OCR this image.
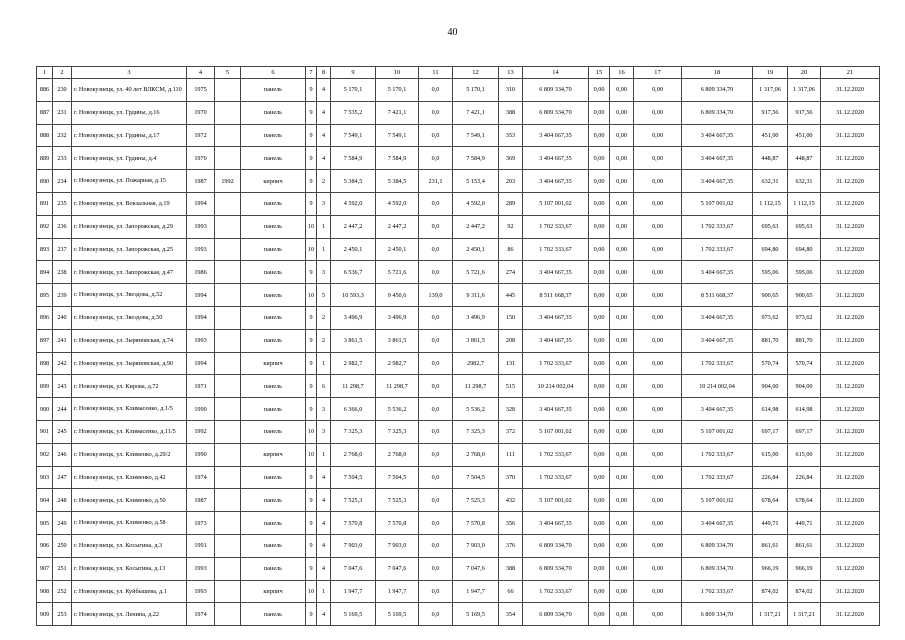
40
1	2	3	4	5	6	7	8	9	10	11	12	13	14	15	16	17	18	19	20	21
886	230	г. Новокузнецк, ул. 40 лет ВЛКСМ, д.110	1975		панель	9	4	5 170,1	5 170,1	0,0	5 170,1	310	6 809 334,70	0,00	0,00	0,00	6 809 334,70	1 317,06	1 317,06	31.12.2020
887	231	г. Новокузнецк, ул. Грдины, д.16	1970		панель	9	4	7 535,2	7 421,1	0,0	7 421,1	388	6 809 334,70	0,00	0,00	0,00	6 809 334,70	917,56	917,56	31.12.2020
888	232	г. Новокузнецк, ул. Грдины, д.17	1972		панель	9	4	7 549,1	7 549,1	0,0	7 549,1	353	3 404 667,35	0,00	0,00	0,00	3 404 667,35	451,00	451,00	31.12.2020
889	233	г. Новокузнецк, ул. Грдины, д.4	1970		панель	9	4	7 584,9	7 584,9	0,0	7 584,9	369	3 404 667,35	0,00	0,00	0,00	3 404 667,35	448,87	448,87	31.12.2020
890	234	г. Новокузнецк, ул. Пожарная, д.15	1987	1992	кирпич	9	2	5 384,5	5 384,5	231,1	5 153,4	203	3 404 667,35	0,00	0,00	0,00	3 404 667,35	632,31	632,31	31.12.2020
891	235	г. Новокузнецк, ул. Вокзальная, д.19	1994		панель	9	3	4 592,0	4 592,0	0,0	4 592,0	289	5 107 001,02	0,00	0,00	0,00	5 107 001,02	1 112,15	1 112,15	31.12.2020
892	236	г. Новокузнецк, ул. Запорожская, д.29	1993		панель	10	1	2 447,2	2 447,2	0,0	2 447,2	92	1 702 333,67	0,00	0,00	0,00	1 702 333,67	695,63	695,63	31.12.2020
893	237	г. Новокузнецк, ул. Запорожская, д.25	1993		панель	10	1	2 450,1	2 450,1	0,0	2 450,1	86	1 702 333,67	0,00	0,00	0,00	1 702 333,67	694,80	694,80	31.12.2020
894	238	г. Новокузнецк, ул. Запорожская, д.47	1986		панель	9	3	6 536,7	5 721,6	0,0	5 721,6	274	3 404 667,35	0,00	0,00	0,00	3 404 667,35	595,06	595,06	31.12.2020
895	239	г. Новокузнецк, ул. Звездова, д.52	1994		панель	10	5	10 593,3	9 450,6	139,0	9 311,6	445	8 511 668,37	0,00	0,00	0,00	8 511 668,37	900,65	900,65	31.12.2020
896	240	г. Новокузнецк, ул. Звездова, д.50	1994		панель	9	2	3 496,9	3 496,9	0,0	3 496,9	150	3 404 667,35	0,00	0,00	0,00	3 404 667,35	973,62	973,62	31.12.2020
897	241	г. Новокузнецк, ул. Зыряновская, д.74	1993		панель	9	2	3 861,5	3 861,5	0,0	3 861,5	208	3 404 667,35	0,00	0,00	0,00	3 404 667,35	881,70	881,70	31.12.2020
898	242	г. Новокузнецк, ул. Зыряновская, д.90	1994		кирпич	9	1	2 982,7	2 982,7	0,0	2982,7	131	1 702 333,67	0,00	0,00	0,00	1 702 333,67	570,74	570,74	31.12.2020
899	243	г. Новокузнецк, ул. Кирова, д.72	1971		панель	9	6	11 298,7	11 298,7	0,0	11 298,7	515	10 214 002,04	0,00	0,00	0,00	10 214 002,04	904,00	904,00	31.12.2020
900	244	г. Новокузнецк, ул. Климасенко, д.1/5	1990		панель	9	3	6 366,0	5 536,2	0,0	5 536,2	328	3 404 667,35	0,00	0,00	0,00	3 404 667,35	614,98	614,98	31.12.2020
901	245	г. Новокузнецк, ул. Климасенко, д.11/5	1992		панель	10	3	7 325,3	7 325,3	0,0	7 325,3	372	5 107 001,02	0,00	0,00	0,00	5 107 001,02	697,17	697,17	31.12.2020
902	246	г. Новокузнецк, ул. Клименко, д.29/2	1990		кирпич	10	1	2 768,0	2 768,0	0,0	2 768,0	111	1 702 333,67	0,00	0,00	0,00	1 702 333,67	615,00	615,00	31.12.2020
903	247	г. Новокузнецк, ул. Клименко, д.42	1974		панель	9	4	7 504,5	7 504,5	0,0	7 504,5	370	1 702 333,67	0,00	0,00	0,00	1 702 333,67	226,84	226,84	31.12.2020
904	248	г. Новокузнецк, ул. Клименко, д.50	1987		панель	9	4	7 525,3	7 525,3	0,0	7 525,3	432	5 107 001,02	0,00	0,00	0,00	5 107 001,02	678,64	678,64	31.12.2020
905	249	г. Новокузнецк, ул. Клименко, д.58	1973		панель	9	4	7 570,8	7 570,8	0,0	7 570,8	356	3 404 667,35	0,00	0,00	0,00	3 404 667,35	449,71	449,71	31.12.2020
906	250	г. Новокузнецк, ул. Косыгина, д.3	1991		панель	9	4	7 903,0	7 903,0	0,0	7 903,0	376	6 809 334,70	0,00	0,00	0,00	6 809 334,70	861,61	861,61	31.12.2020
907	251	г. Новокузнецк, ул. Косыгина, д.13	1993		панель	9	4	7 047,6	7 047,6	0,0	7 047,6	388	6 809 334,70	0,00	0,00	0,00	6 809 334,70	966,19	966,19	31.12.2020
908	252	г. Новокузнецк, ул. Куйбышева, д.1	1993		кирпич	10	1	1 947,7	1 947,7	0,0	1 947,7	66	1 702 333,67	0,00	0,00	0,00	1 702 333,67	874,02	874,02	31.12.2020
909	253	г. Новокузнецк, ул. Ленина, д.22	1974		панель	9	4	5 169,5	5 169,5	0,0	5 169,5	354	6 809 334,70	0,00	0,00	0,00	6 809 334,70	1 317,21	1 317,21	31.12.2020
